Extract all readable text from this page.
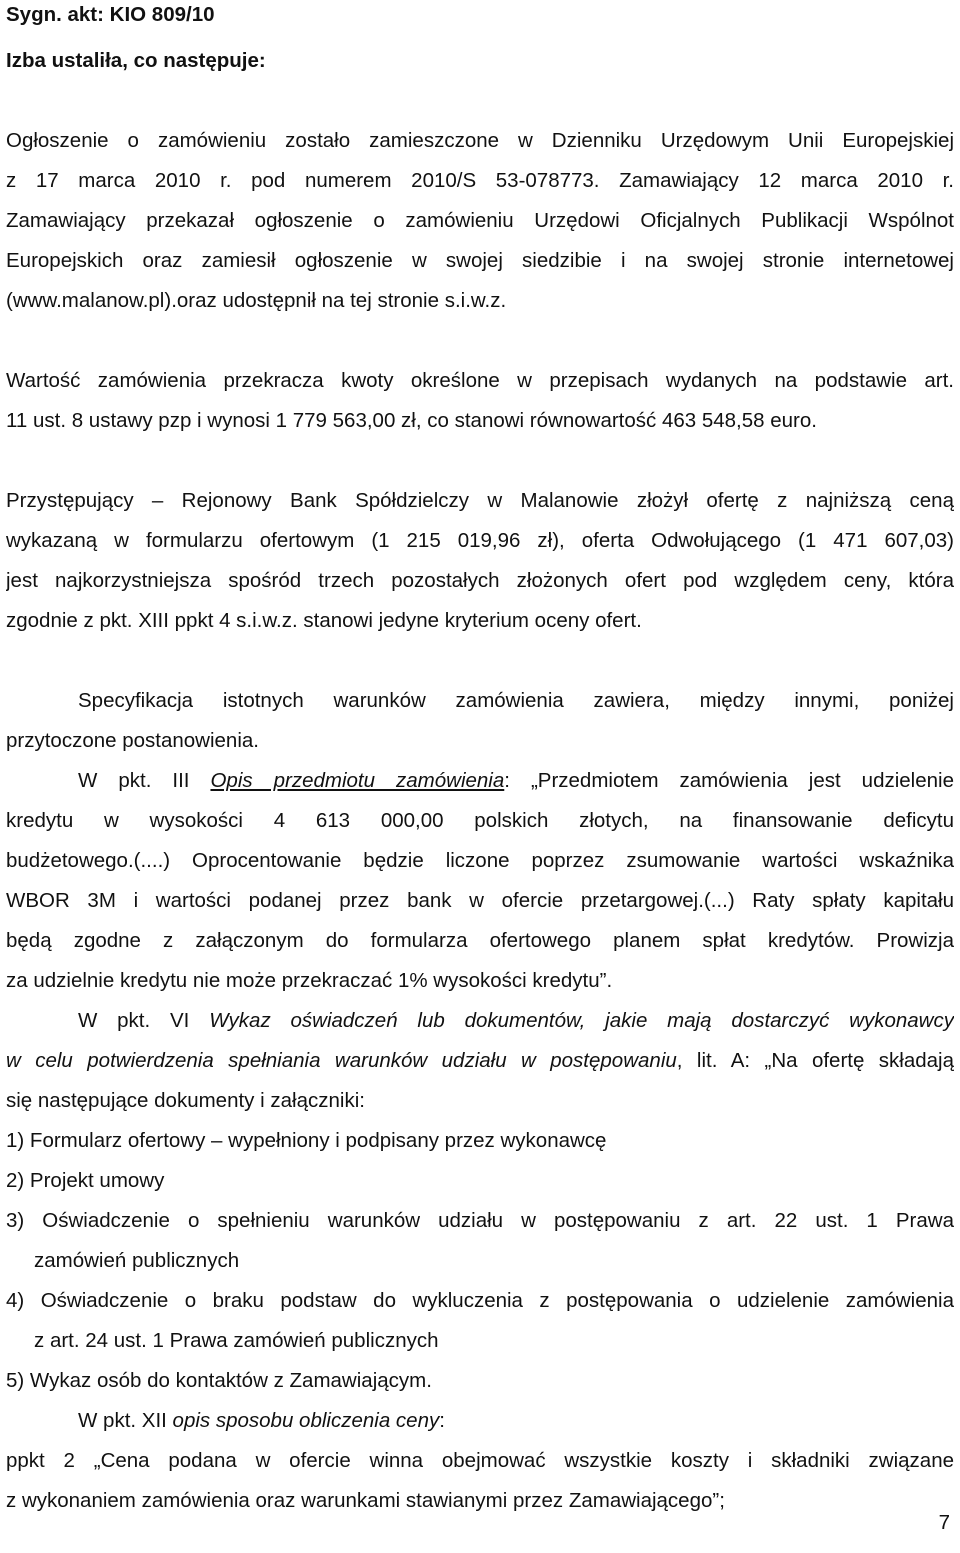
Sygn. akt: KIO 809/10
Izba ustaliła, co następuje:
Ogłoszenie o zamówieniu zostało zamieszczone w Dzienniku Urzędowym Unii Europejskiej
z 17 marca 2010 r. pod numerem 2010/S 53-078773. Zamawiający 12 marca 2010 r.
Zamawiający przekazał ogłoszenie o zamówieniu Urzędowi Oficjalnych Publikacji Wspólnot
Europejskich oraz zamiesił ogłoszenie w swojej siedzibie i na swojej stronie internetowej
(www.malanow.pl).oraz udostępnił na tej stronie s.i.w.z.
Wartość zamówienia przekracza kwoty określone w przepisach wydanych na podstawie art.
11 ust. 8 ustawy pzp i wynosi 1 779 563,00 zł, co stanowi równowartość 463 548,58 euro.
Przystępujący – Rejonowy Bank Spółdzielczy w Malanowie złożył ofertę z najniższą ceną
wykazaną w formularzu ofertowym (1 215 019,96 zł), oferta Odwołującego (1 471 607,03)
jest najkorzystniejsza spośród trzech pozostałych złożonych ofert pod względem ceny, która
zgodnie z pkt. XIII ppkt 4 s.i.w.z. stanowi jedyne kryterium oceny ofert.
Specyfikacja istotnych warunków zamówienia zawiera, między innymi, poniżej
przytoczone postanowienia.
W pkt. III Opis przedmiotu zamówienia: „Przedmiotem zamówienia jest udzielenie
kredytu w wysokości 4 613 000,00 polskich złotych, na finansowanie deficytu
budżetowego.(....) Oprocentowanie będzie liczone poprzez zsumowanie wartości wskaźnika
WBOR 3M i wartości podanej przez bank w ofercie przetargowej.(...) Raty spłaty kapitału
będą zgodne z załączonym do formularza ofertowego planem spłat kredytów. Prowizja
za udzielnie kredytu nie może przekraczać 1% wysokości kredytu”.
W pkt. VI Wykaz oświadczeń lub dokumentów, jakie mają dostarczyć wykonawcy
w celu potwierdzenia spełniania warunków udziału w postępowaniu, lit. A: „Na ofertę składają
się następujące dokumenty i załączniki:
1) Formularz ofertowy – wypełniony i podpisany przez wykonawcę
2) Projekt umowy
3) Oświadczenie o spełnieniu warunków udziału w postępowaniu z art. 22 ust. 1 Prawa
zamówień publicznych
4) Oświadczenie o braku podstaw do wykluczenia z postępowania o udzielenie zamówienia
z art. 24 ust. 1 Prawa zamówień publicznych
5) Wykaz osób do kontaktów z Zamawiającym.
W pkt. XII opis sposobu obliczenia ceny:
ppkt 2 „Cena podana w ofercie winna obejmować wszystkie koszty i składniki związane
z wykonaniem zamówienia oraz warunkami stawianymi przez Zamawiającego”;
7
